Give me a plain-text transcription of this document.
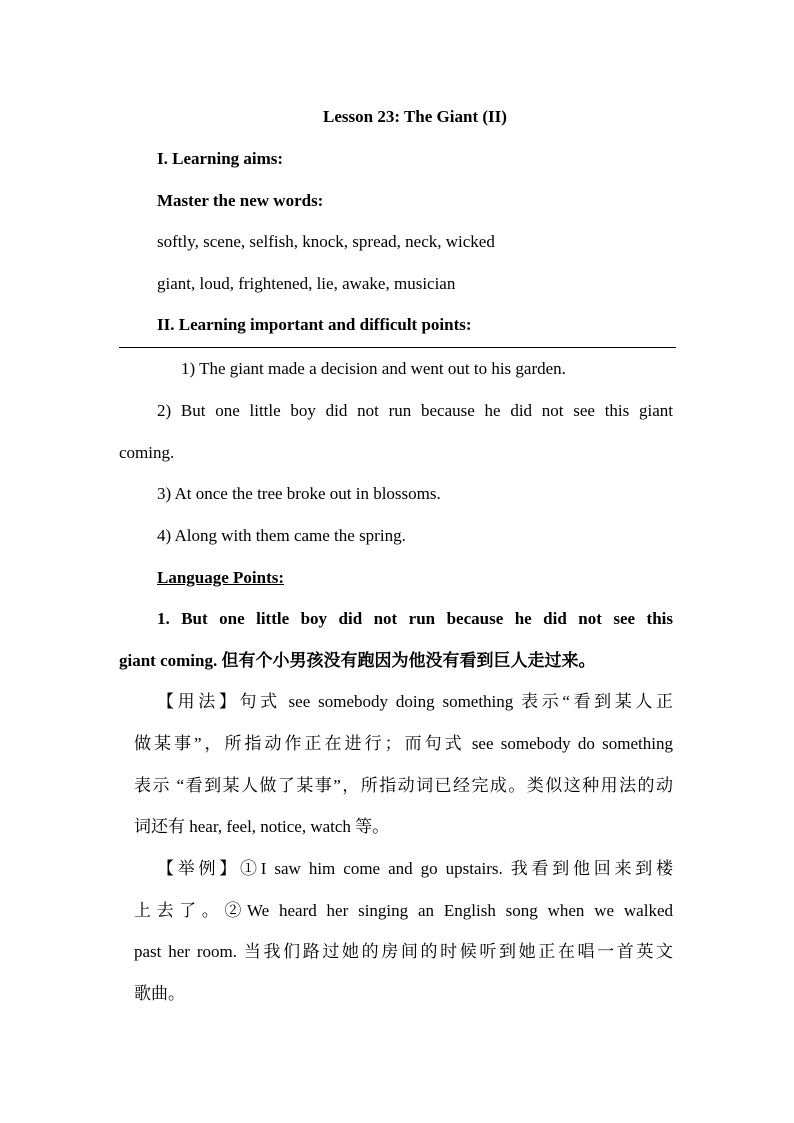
Lesson 23: The Giant (II)
I. Learning aims:
Master the new words:
softly, scene, selfish, knock, spread, neck, wicked
giant, loud, frightened, lie, awake, musician
II. Learning important and difficult points:
1) The giant made a decision and went out to his garden.
2) But one little boy did not run because he did not see this giant
coming.
3) At once the tree broke out in blossoms.
4) Along with them came the spring.
Language Points:
1. But one little boy did not run because he did not see this
giant coming. 但有个小男孩没有跑因为他没有看到巨人走过来。
【用法】句式 see somebody doing something 表示“看到某人正
做某事”，所指动作正在进行；而句式 see somebody do something
表示 “看到某人做了某事”，所指动词已经完成。类似这种用法的动
词还有 hear, feel, notice, watch 等。
【举例】①I saw him come and go upstairs. 我看到他回来到楼
上去了。②We heard her singing an English song when we walked
past her room. 当我们路过她的房间的时候听到她正在唱一首英文
歌曲。
